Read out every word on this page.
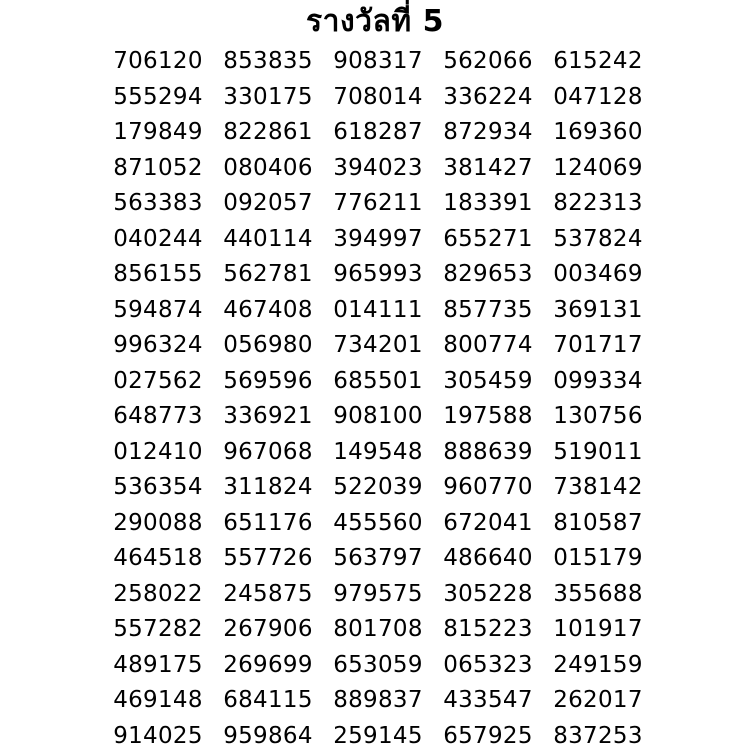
รางวัลที่ 5
706120 853835 908317 562066 615242
555294 330175 708014 336224 047128
179849 822861 618287 872934 169360
871052 080406 394023 381427 124069
563383 092057 776211 183391 822313
040244 440114 394997 655271 537824
856155 562781 965993 829653 003469
594874 467408 014111 857735 369131
996324 056980 734201 800774 701717
027562 569596 685501 305459 099334
648773 336921 908100 197588 130756
012410 967068 149548 888639 519011
536354 311824 522039 960770 738142
290088 651176 455560 672041 810587
464518 557726 563797 486640 015179
258022 245875 979575 305228 355688
557282 267906 801708 815223 101917
489175 269699 653059 065323 249159
469148 684115 889837 433547 262017
914025 959864 259145 657925 837253
